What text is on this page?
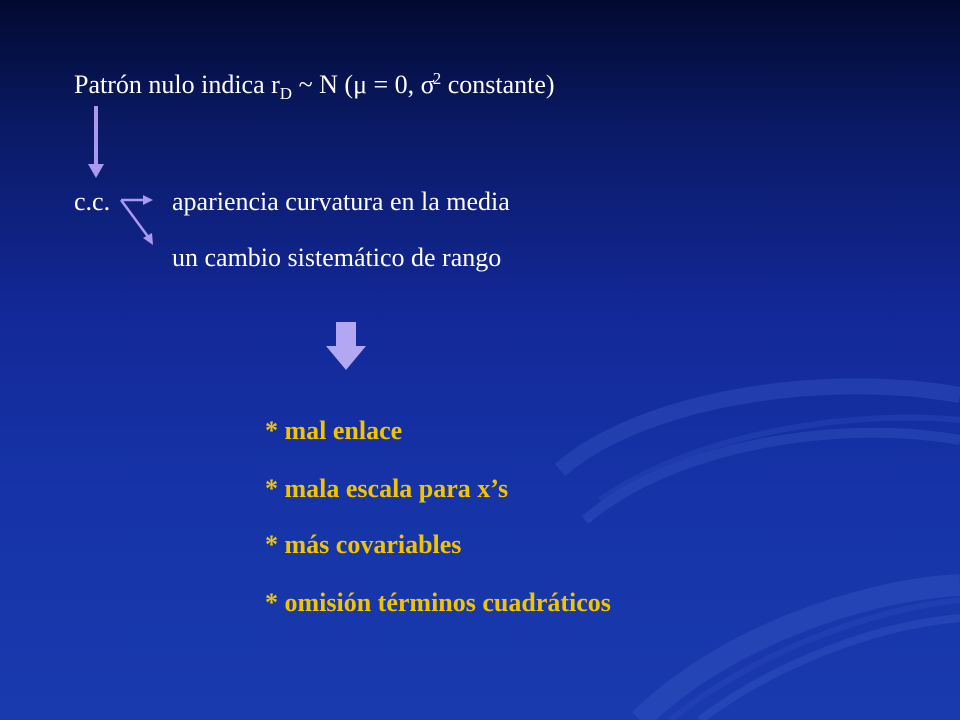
Patrón nulo indica $r_D$ ~ N (μ = 0, $\sigma^2$ constante)
c.c. apariencia curvatura en la media
un cambio sistemático de rango
* mal enlace
* mala escala para x’s
* más covariables
* omisión términos cuadráticos
